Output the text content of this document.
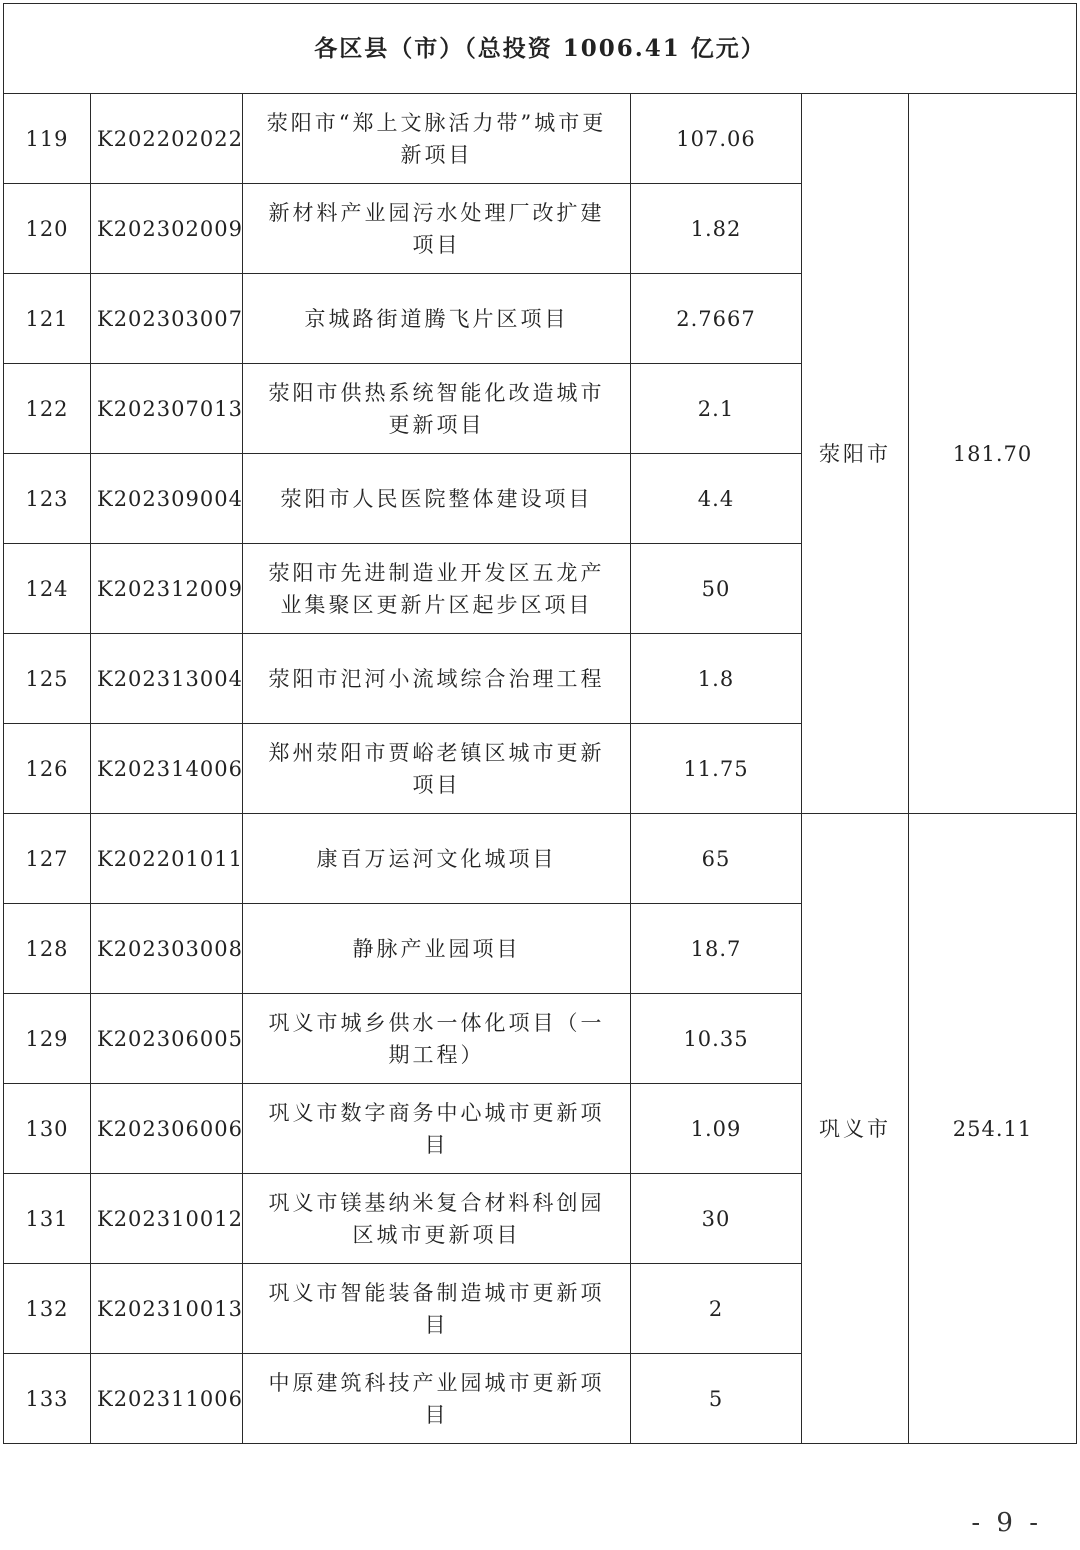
各区县（市）（总投资 1006.41 亿元）					
119	K202202022	荥阳市“郑上文脉活力带”城市更新项目	107.06	荥阳市	181.70
120	K202302009	新材料产业园污水处理厂改扩建项目	1.82		
121	K202303007	京城路街道腾飞片区项目	2.7667		
122	K202307013	荥阳市供热系统智能化改造城市更新项目	2.1		
123	K202309004	荥阳市人民医院整体建设项目	4.4		
124	K202312009	荥阳市先进制造业开发区五龙产业集聚区更新片区起步区项目	50		
125	K202313004	荥阳市汜河小流域综合治理工程	1.8		
126	K202314006	郑州荥阳市贾峪老镇区城市更新项目	11.75		
127	K202201011	康百万运河文化城项目	65	巩义市	254.11
128	K202303008	静脉产业园项目	18.7		
129	K202306005	巩义市城乡供水一体化项目（一期工程）	10.35		
130	K202306006	巩义市数字商务中心城市更新项目	1.09		
131	K202310012	巩义市镁基纳米复合材料科创园区城市更新项目	30		
132	K202310013	巩义市智能装备制造城市更新项目	2		
133	K202311006	中原建筑科技产业园城市更新项目	5		
- 9 -
